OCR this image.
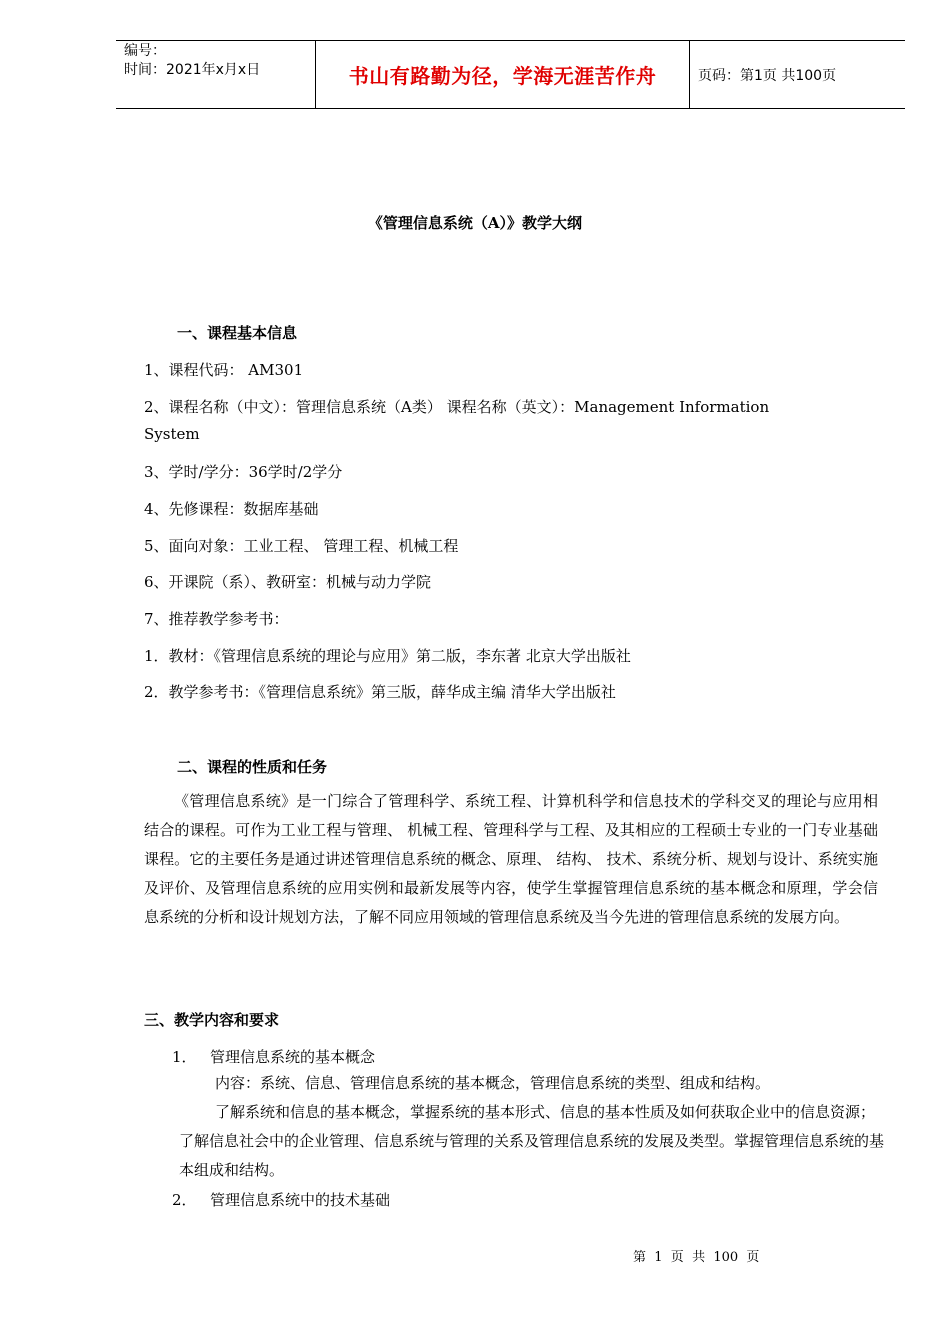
编号：
时间：2021年x月x日	书山有路勤为径，学海无涯苦作舟	页码：第1页 共100页
《管理信息系统（A）》教学大纲
一、课程基本信息
1、课程代码： AM301
2、课程名称（中文）：管理信息系统（A类） 课程名称（英文）：Management Information
System
3、学时/学分：36学时/2学分
4、先修课程：数据库基础
5、面向对象：工业工程、 管理工程、机械工程
6、开课院（系）、教研室：机械与动力学院
7、推荐教学参考书：
1．教材：《管理信息系统的理论与应用》第二版，李东著 北京大学出版社
2．教学参考书：《管理信息系统》第三版，薛华成主编 清华大学出版社
二、课程的性质和任务
《管理信息系统》是一门综合了管理科学、系统工程、计算机科学和信息技术的学科交叉的理论与应用相结合的课程。可作为工业工程与管理、 机械工程、管理科学与工程、及其相应的工程硕士专业的一门专业基础课程。它的主要任务是通过讲述管理信息系统的概念、原理、 结构、 技术、系统分析、规划与设计、系统实施及评价、及管理信息系统的应用实例和最新发展等内容，使学生掌握管理信息系统的基本概念和原理，学会信息系统的分析和设计规划方法，了解不同应用领域的管理信息系统及当今先进的管理信息系统的发展方向。
三、教学内容和要求
1． 管理信息系统的基本概念
内容：系统、信息、管理信息系统的基本概念，管理信息系统的类型、组成和结构。
了解系统和信息的基本概念，掌握系统的基本形式、信息的基本性质及如何获取企业中的信息资源；了解信息社会中的企业管理、信息系统与管理的关系及管理信息系统的发展及类型。掌握管理信息系统的基本组成和结构。
2． 管理信息系统中的技术基础
第  1  页  共  100  页
